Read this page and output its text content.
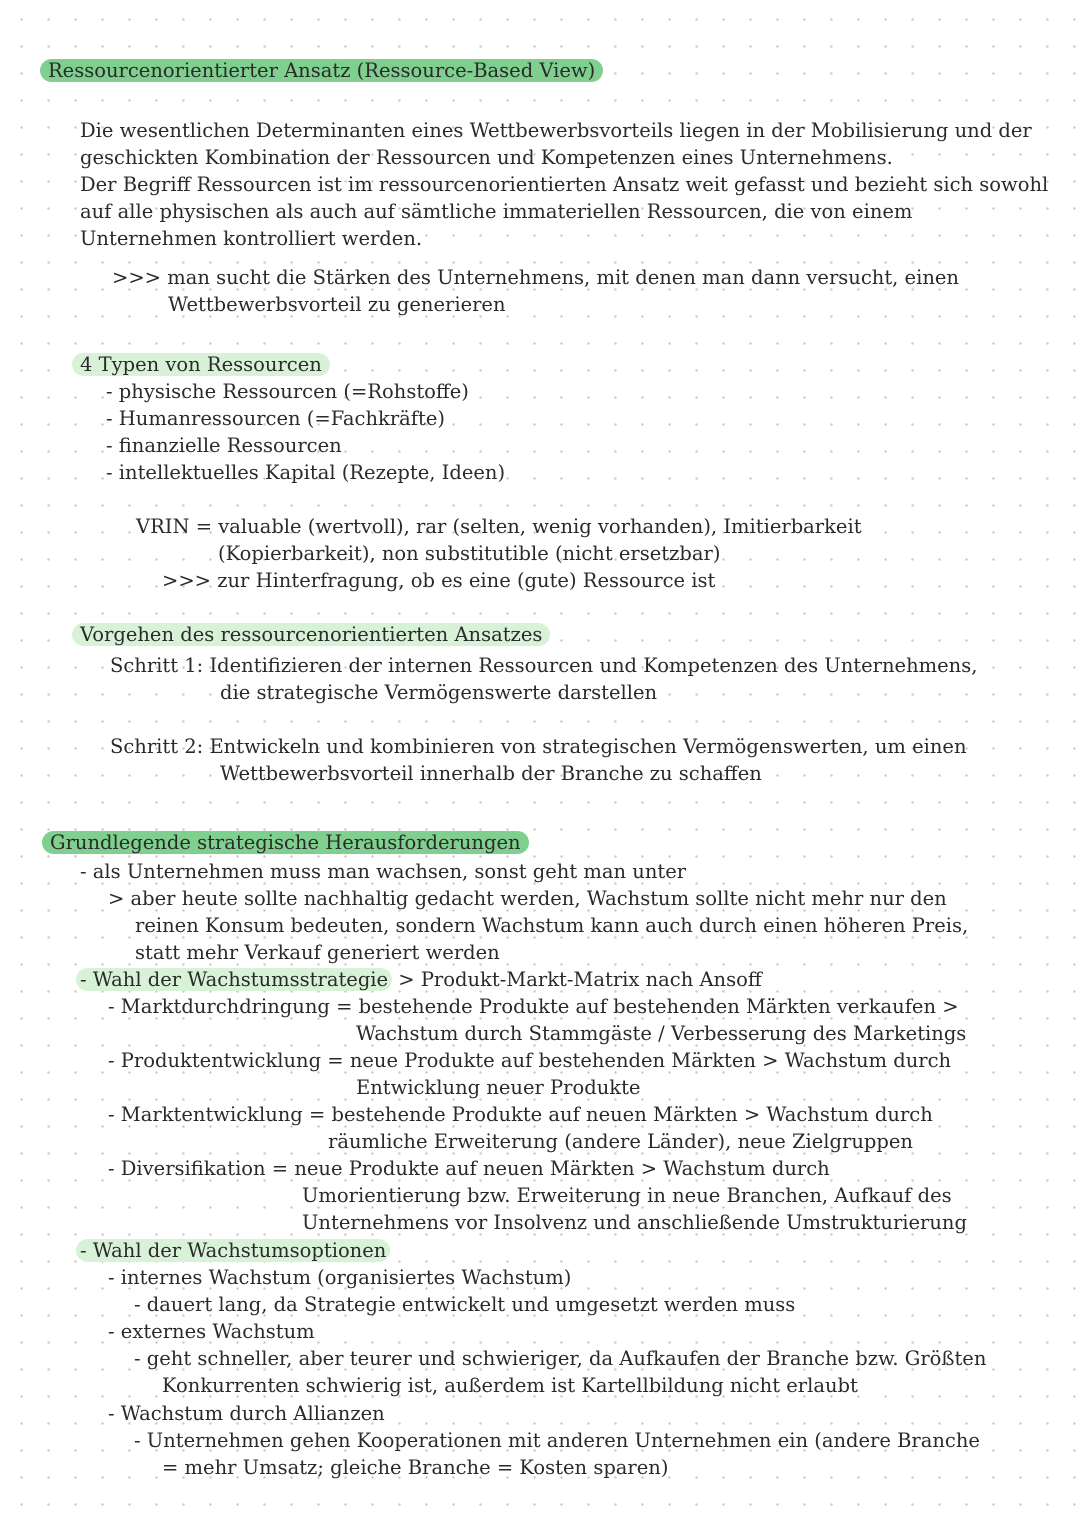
Ressourcenorientierter Ansatz (Ressource-Based View)
Die wesentlichen Determinanten eines Wettbewerbsvorteils liegen in der Mobilisierung und der
geschickten Kombination der Ressourcen und Kompetenzen eines Unternehmens.
Der Begriff Ressourcen ist im ressourcenorientierten Ansatz weit gefasst und bezieht sich sowohl
auf alle physischen als auch auf sämtliche immateriellen Ressourcen, die von einem
Unternehmen kontrolliert werden.
>>> man sucht die Stärken des Unternehmens, mit denen man dann versucht, einen
Wettbewerbsvorteil zu generieren
4 Typen von Ressourcen
- physische Ressourcen (=Rohstoffe)
- Humanressourcen (=Fachkräfte)
- finanzielle Ressourcen
- intellektuelles Kapital (Rezepte, Ideen)
VRIN = valuable (wertvoll), rar (selten, wenig vorhanden), Imitierbarkeit
(Kopierbarkeit), non substitutible (nicht ersetzbar)
>>> zur Hinterfragung, ob es eine (gute) Ressource ist
Vorgehen des ressourcenorientierten Ansatzes
Schritt 1: Identifizieren der internen Ressourcen und Kompetenzen des Unternehmens,
die strategische Vermögenswerte darstellen
Schritt 2: Entwickeln und kombinieren von strategischen Vermögenswerten, um einen
Wettbewerbsvorteil innerhalb der Branche zu schaffen
Grundlegende strategische Herausforderungen
- als Unternehmen muss man wachsen, sonst geht man unter
> aber heute sollte nachhaltig gedacht werden, Wachstum sollte nicht mehr nur den
reinen Konsum bedeuten, sondern Wachstum kann auch durch einen höheren Preis,
statt mehr Verkauf generiert werden
- Wahl der Wachstumsstrategie > Produkt-Markt-Matrix nach Ansoff
- Marktdurchdringung = bestehende Produkte auf bestehenden Märkten verkaufen >
Wachstum durch Stammgäste / Verbesserung des Marketings
- Produktentwicklung = neue Produkte auf bestehenden Märkten > Wachstum durch
Entwicklung neuer Produkte
- Marktentwicklung = bestehende Produkte auf neuen Märkten > Wachstum durch
räumliche Erweiterung (andere Länder), neue Zielgruppen
- Diversifikation = neue Produkte auf neuen Märkten > Wachstum durch
Umorientierung bzw. Erweiterung in neue Branchen, Aufkauf des
Unternehmens vor Insolvenz und anschließende Umstrukturierung
- Wahl der Wachstumsoptionen
- internes Wachstum (organisiertes Wachstum)
- dauert lang, da Strategie entwickelt und umgesetzt werden muss
- externes Wachstum
- geht schneller, aber teurer und schwieriger, da Aufkaufen der Branche bzw. Größten
Konkurrenten schwierig ist, außerdem ist Kartellbildung nicht erlaubt
- Wachstum durch Allianzen
- Unternehmen gehen Kooperationen mit anderen Unternehmen ein (andere Branche
= mehr Umsatz; gleiche Branche = Kosten sparen)
